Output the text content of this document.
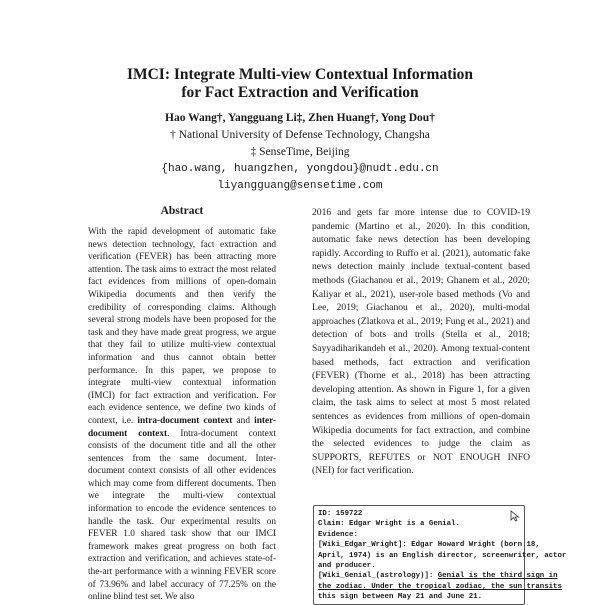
IMCI: Integrate Multi-view Contextual Information
for Fact Extraction and Verification
Hao Wang†, Yangguang Li‡, Zhen Huang†, Yong Dou†
† National University of Defense Technology, Changsha
‡ SenseTime, Beijing
{hao.wang, huangzhen, yongdou}@nudt.edu.cn
liyangguang@sensetime.com
Abstract
With the rapid development of automatic fake news detection technology, fact extraction and verification (FEVER) has been attracting more attention. The task aims to extract the most related fact evidences from millions of open-domain Wikipedia documents and then verify the credibility of corresponding claims. Although several strong models have been proposed for the task and they have made great progress, we argue that they fail to utilize multi-view contextual information and thus cannot obtain better performance. In this paper, we propose to integrate multi-view contextual information (IMCI) for fact extraction and verification. For each evidence sentence, we define two kinds of context, i.e. intra-document context and inter-document context. Intra-document context consists of the document title and all the other sentences from the same document. Inter-document context consists of all other evidences which may come from different documents. Then we integrate the multi-view contextual information to encode the evidence sentences to handle the task. Our experimental results on FEVER 1.0 shared task show that our IMCI framework makes great progress on both fact extraction and verification, and achieves state-of-the-art performance with a winning FEVER score of 73.96% and label accuracy of 77.25% on the online blind test set. We also
2016 and gets far more intense due to COVID-19 pandemic (Martino et al., 2020). In this condition, automatic fake news detection has been developing rapidly. According to Ruffo et al. (2021), automatic fake news detection mainly include textual-content based methods (Giachanou et al., 2019; Ghanem et al., 2020; Kaliyar et al., 2021), user-role based methods (Vo and Lee, 2019; Giachanou et al., 2020), multi-modal approaches (Zlatkova et al., 2019; Fung et al., 2021) and detection of bots and trolls (Stella et al., 2018; Sayyadiharikandeh et al., 2020). Among textual-content based methods, fact extraction and verification (FEVER) (Thorne et al., 2018) has been attracting developing attention. As shown in Figure 1, for a given claim, the task aims to select at most 5 most related sentences as evidences from millions of open-domain Wikipedia documents for fact extraction, and combine the selected evidences to judge the claim as SUPPORTS, REFUTES or NOT ENOUGH INFO (NEI) for fact verification.
ID: 159722
Claim: Edgar Wright is a Genial.
Evidence:
[Wiki_Edgar_Wright]: Edgar Howard Wright (born 18,
April, 1974) is an English director, screenwriter, actor
and producer.
[Wiki_Genial_(astrology)]: Genial is the third sign in
the zodiac. Under the tropical zodiac, the sun transits
this sign between May 21 and June 21.
